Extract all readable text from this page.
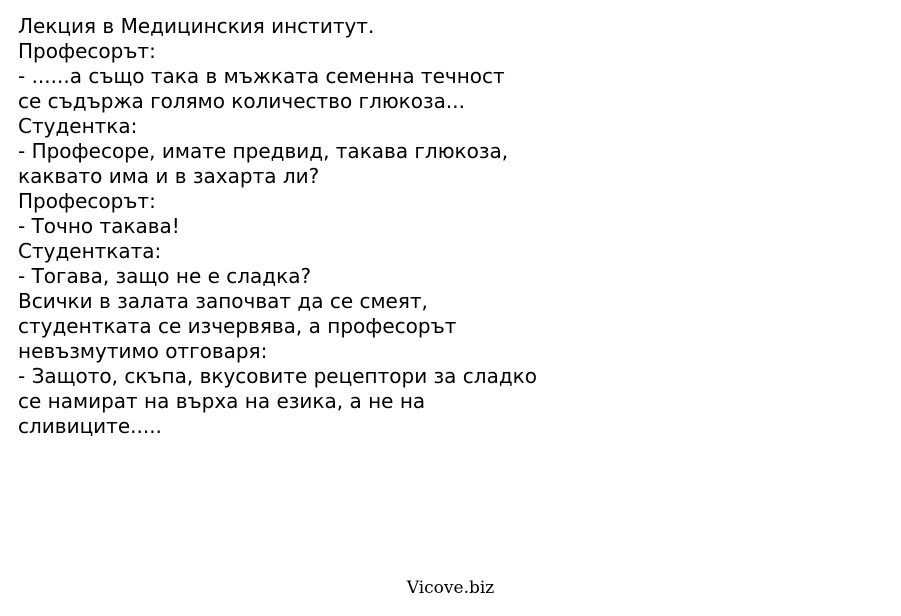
Лекция в Медицинския институт.
Професорът:
- ......а също така в мъжката семенна течност
се съдържа голямо количество глюкоза...
Студентка:
- Професоре, имате предвид, такава глюкоза,
каквато има и в захарта ли?
Професорът:
- Точно такава!
Студентката:
- Тогава, защо не е сладка?
Всички в залата започват да се смеят,
студентката се изчервява, а професорът
невъзмутимо отговаря:
- Защото, скъпа, вкусовите рецептори за сладко
се намират на върха на езика, а не на
сливиците.....
Vicove.biz
